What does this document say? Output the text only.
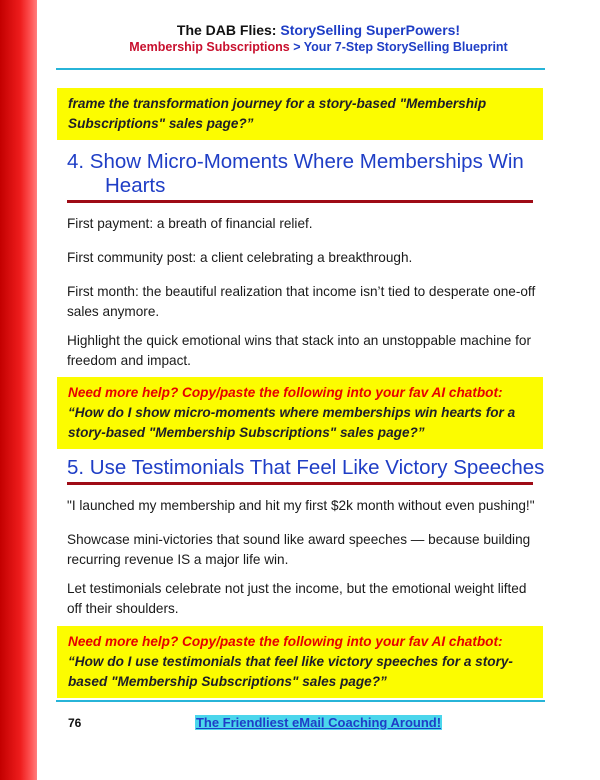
The DAB Flies: StorySelling SuperPowers!
Membership Subscriptions > Your 7-Step StorySelling Blueprint
frame the transformation journey for a story-based "Membership Subscriptions" sales page?”
4. Show Micro-Moments Where Memberships Win
Hearts
First payment: a breath of financial relief.
First community post: a client celebrating a breakthrough.
First month: the beautiful realization that income isn’t tied to desperate one-off sales anymore.
Highlight the quick emotional wins that stack into an unstoppable machine for freedom and impact.
Need more help? Copy/paste the following into your fav AI chatbot: “How do I show micro-moments where memberships win hearts for a story-based "Membership Subscriptions" sales page?”
5. Use Testimonials That Feel Like Victory Speeches
"I launched my membership and hit my first $2k month without even pushing!"
Showcase mini-victories that sound like award speeches — because building recurring revenue IS a major life win.
Let testimonials celebrate not just the income, but the emotional weight lifted off their shoulders.
Need more help? Copy/paste the following into your fav AI chatbot: “How do I use testimonials that feel like victory speeches for a story-based "Membership Subscriptions" sales page?”
76	The Friendliest eMail Coaching Around!
